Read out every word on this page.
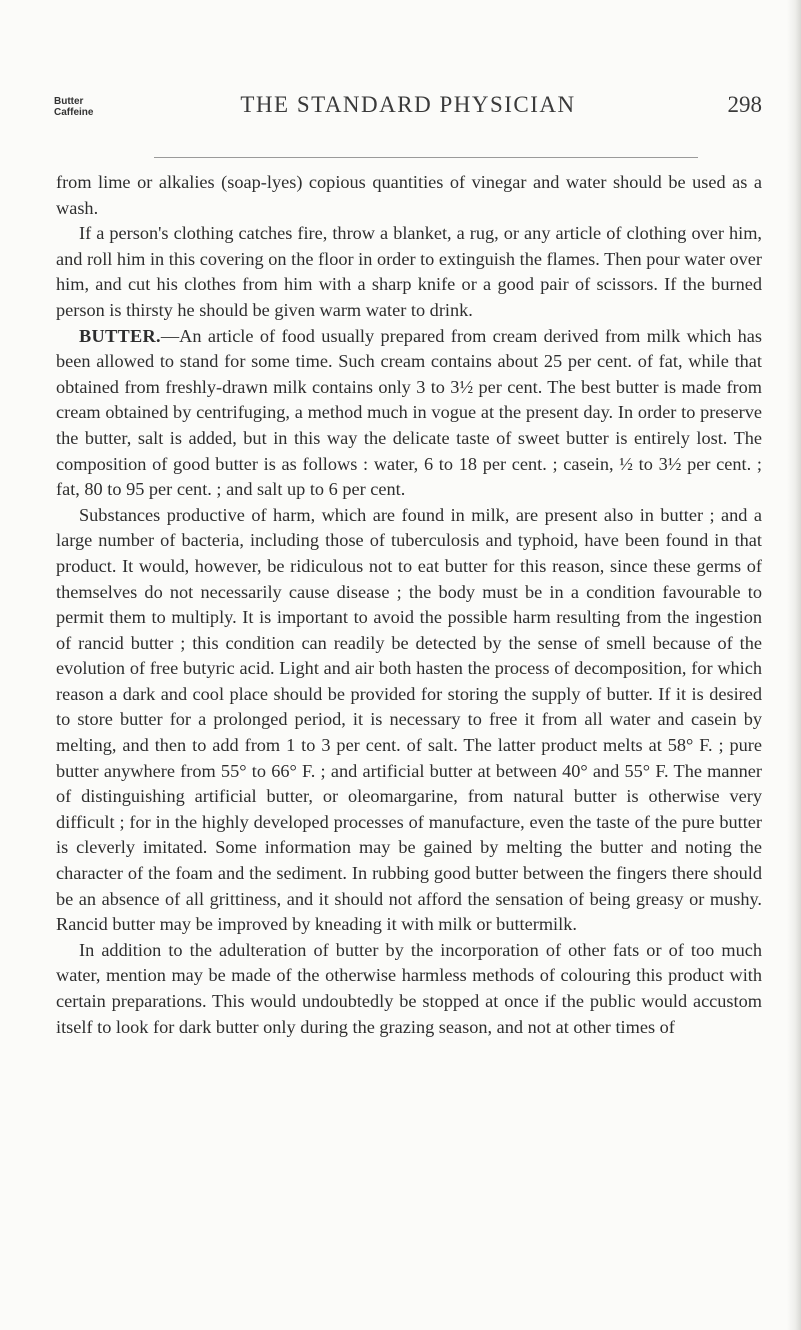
Butter
Caffeine	THE STANDARD PHYSICIAN	298

from lime or alkalies (soap-lyes) copious quantities of vinegar and water should be used as a wash.

If a person's clothing catches fire, throw a blanket, a rug, or any article of clothing over him, and roll him in this covering on the floor in order to extinguish the flames. Then pour water over him, and cut his clothes from him with a sharp knife or a good pair of scissors. If the burned person is thirsty he should be given warm water to drink.

BUTTER.—An article of food usually prepared from cream derived from milk which has been allowed to stand for some time. Such cream contains about 25 per cent. of fat, while that obtained from freshly-drawn milk contains only 3 to 3½ per cent. The best butter is made from cream obtained by centrifuging, a method much in vogue at the present day. In order to preserve the butter, salt is added, but in this way the delicate taste of sweet butter is entirely lost. The composition of good butter is as follows : water, 6 to 18 per cent. ; casein, ½ to 3½ per cent. ; fat, 80 to 95 per cent. ; and salt up to 6 per cent.

Substances productive of harm, which are found in milk, are present also in butter ; and a large number of bacteria, including those of tuberculosis and typhoid, have been found in that product. It would, however, be ridiculous not to eat butter for this reason, since these germs of themselves do not necessarily cause disease ; the body must be in a condition favourable to permit them to multiply. It is important to avoid the possible harm resulting from the ingestion of rancid butter ; this condition can readily be detected by the sense of smell because of the evolution of free butyric acid. Light and air both hasten the process of decomposition, for which reason a dark and cool place should be provided for storing the supply of butter. If it is desired to store butter for a prolonged period, it is necessary to free it from all water and casein by melting, and then to add from 1 to 3 per cent. of salt. The latter product melts at 58° F. ; pure butter anywhere from 55° to 66° F. ; and artificial butter at between 40° and 55° F. The manner of distinguishing artificial butter, or oleomargarine, from natural butter is otherwise very difficult ; for in the highly developed processes of manufacture, even the taste of the pure butter is cleverly imitated. Some information may be gained by melting the butter and noting the character of the foam and the sediment. In rubbing good butter between the fingers there should be an absence of all grittiness, and it should not afford the sensation of being greasy or mushy. Rancid butter may be improved by kneading it with milk or buttermilk.

In addition to the adulteration of butter by the incorporation of other fats or of too much water, mention may be made of the otherwise harmless methods of colouring this product with certain preparations. This would undoubtedly be stopped at once if the public would accustom itself to look for dark butter only during the grazing season, and not at other times of
